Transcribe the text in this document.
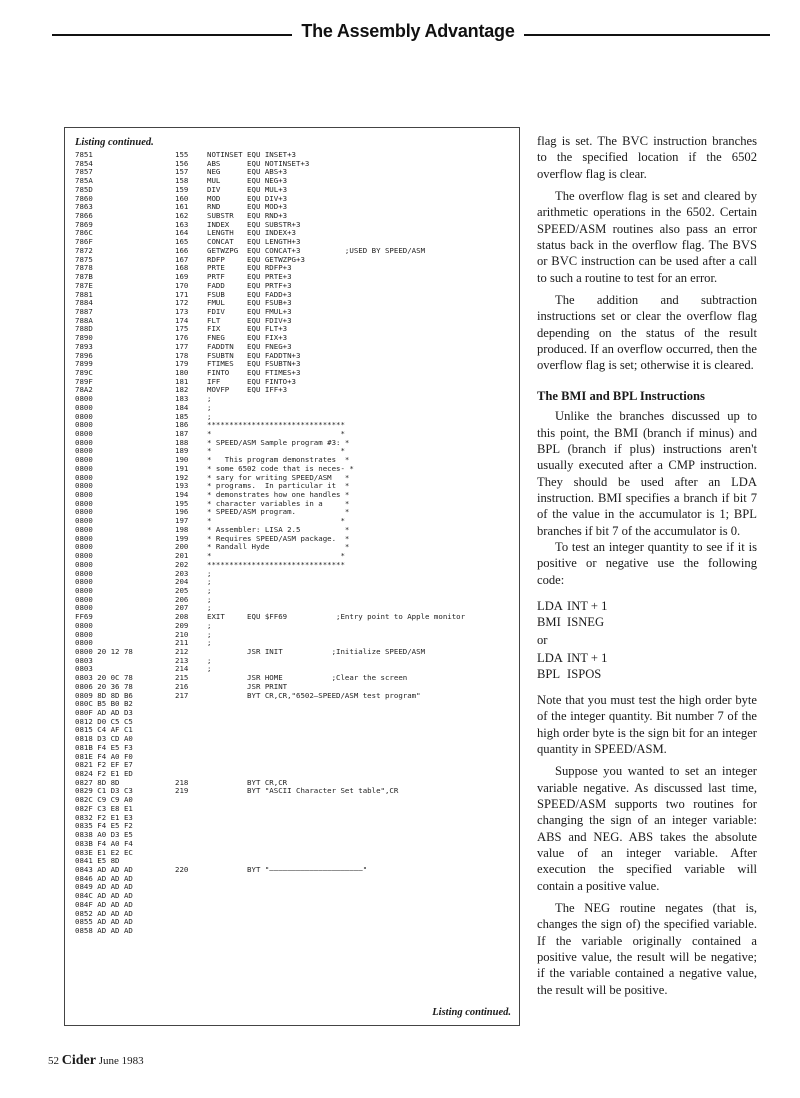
The Assembly Advantage
Listing continued.
7851	155	NOTINSET EQU INSET+3
7854	156	ABS      EQU NOTINSET+3
7857	157	NEG      EQU ABS+3
785A	158	MUL      EQU NEG+3
785D	159	DIV      EQU MUL+3
7860	160	MOD      EQU DIV+3
7863	161	RND      EQU MOD+3
7866	162	SUBSTR   EQU RND+3
7869	163	INDEX    EQU SUBSTR+3
786C	164	LENGTH   EQU INDEX+3
786F	165	CONCAT   EQU LENGTH+3
7872	166	GETWZPG  EQU CONCAT+3          ;USED BY SPEED/ASM
7875	167	RDFP     EQU GETWZPG+3
7878	168	PRTE     EQU RDFP+3
787B	169	PRTF     EQU PRTE+3
787E	170	FADD     EQU PRTF+3
7881	171	FSUB     EQU FADD+3
7884	172	FMUL     EQU FSUB+3
7887	173	FDIV     EQU FMUL+3
788A	174	FLT      EQU FDIV+3
788D	175	FIX      EQU FLT+3
7890	176	FNEG     EQU FIX+3
7893	177	FADDTN   EQU FNEG+3
7896	178	FSUBTN   EQU FADDTN+3
7899	179	FTIMES   EQU FSUBTN+3
789C	180	FINTO    EQU FTIMES+3
789F	181	IFF      EQU FINTO+3
78A2	182	MOVFP    EQU IFF+3
0800	183	;
0800	184	;
0800	185	;
0800	186	*******************************
0800	187	*                             *
0800	188	* SPEED/ASM Sample program #3: *
0800	189	*                             *
0800	190	*   This program demonstrates  *
0800	191	* some 6502 code that is neces- *
0800	192	* sary for writing SPEED/ASM   *
0800	193	* programs.  In particular it  *
0800	194	* demonstrates how one handles *
0800	195	* character variables in a     *
0800	196	* SPEED/ASM program.           *
0800	197	*                             *
0800	198	* Assembler: LISA 2.5          *
0800	199	* Requires SPEED/ASM package.  *
0800	200	* Randall Hyde                 *
0800	201	*                             *
0800	202	*******************************
0800	203	;
0800	204	;
0800	205	;
0800	206	;
0800	207	;
FF69	208	EXIT     EQU $FF69           ;Entry point to Apple monitor
0800	209	;
0800	210	;
0800	211	;
0800 20 12 78	212	JSR INIT           ;Initialize SPEED/ASM
0803	213	;
0803	214	;
0803 20 0C 78	215	JSR HOME           ;Clear the screen
0806 20 36 78	216	JSR PRINT
0809 8D 8D B6	217	BYT CR,CR,"6502—SPEED/ASM test program"
080C B5 B0 B2
080F AD AD D3
0812 D0 C5 C5
0815 C4 AF C1
0818 D3 CD A0
081B F4 E5 F3
081E F4 A0 F0
0821 F2 EF E7
0824 F2 E1 ED
0827 8D 8D	218	BYT CR,CR
0829 C1 D3 C3	219	BYT "ASCII Character Set table",CR
082C C9 C9 A0
082F C3 E8 E1
0832 F2 E1 E3
0835 F4 E5 F2
0838 A0 D3 E5
083B F4 A0 F4
083E E1 E2 EC
0841 E5 8D
0843 AD AD AD	220	BYT "—————————————————————"
0846 AD AD AD
0849 AD AD AD
084C AD AD AD
084F AD AD AD
0852 AD AD AD
0855 AD AD AD
0858 AD AD AD
Listing continued.

flag is set. The BVC instruction branches to the specified location if the 6502 overflow flag is clear.

The overflow flag is set and cleared by arithmetic operations in the 6502. Certain SPEED/ASM routines also pass an error status back in the overflow flag. The BVS or BVC instruction can be used after a call to such a routine to test for an error.

The addition and subtraction instructions set or clear the overflow flag depending on the status of the result produced. If an overflow occurred, then the overflow flag is set; otherwise it is cleared.

The BMI and BPL Instructions

Unlike the branches discussed up to this point, the BMI (branch if minus) and BPL (branch if plus) instructions aren't usually executed after a CMP instruction. They should be used after an LDA instruction. BMI specifies a branch if bit 7 of the value in the accumulator is 1; BPL branches if bit 7 of the accumulator is 0.

To test an integer quantity to see if it is positive or negative use the following code:

LDA INT + 1
BMI ISNEG
or
LDA INT + 1
BPL ISPOS

Note that you must test the high order byte of the integer quantity. Bit number 7 of the high order byte is the sign bit for an integer quantity in SPEED/ASM.

Suppose you wanted to set an integer variable negative. As discussed last time, SPEED/ASM supports two routines for changing the sign of an integer variable: ABS and NEG. ABS takes the absolute value of an integer variable. After execution the specified variable will contain a positive value.

The NEG routine negates (that is, changes the sign of) the specified variable. If the variable originally contained a positive value, the result will be negative; if the variable contained a negative value, the result will be positive.

52 Cider June 1983
